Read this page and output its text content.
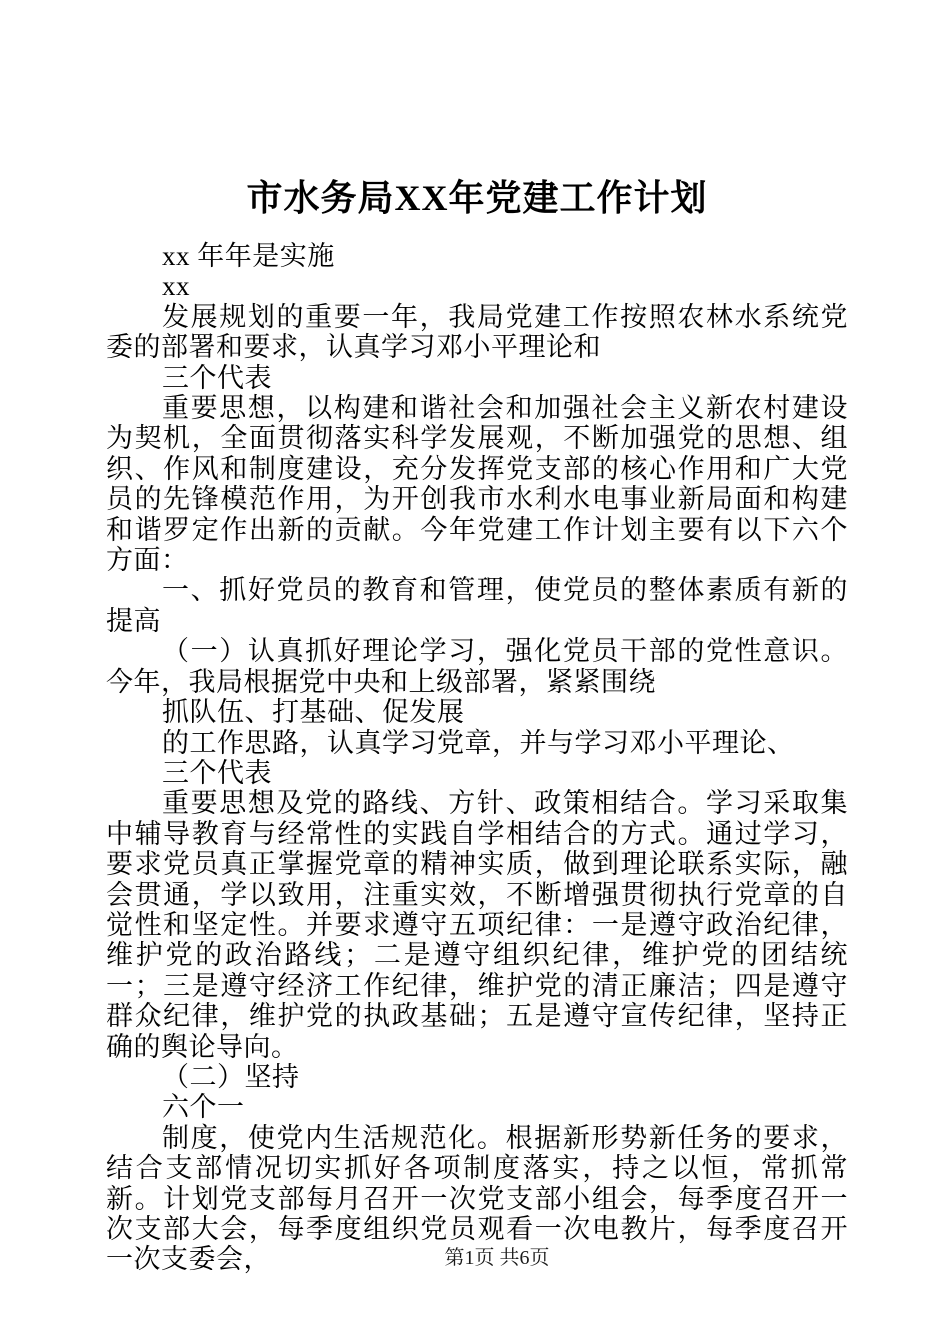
市水务局XX年党建工作计划

xx 年年是实施

xx

发展规划的重要一年，我局党建工作按照农林水系统党委的部署和要求，认真学习邓小平理论和

三个代表

重要思想，以构建和谐社会和加强社会主义新农村建设为契机，全面贯彻落实科学发展观，不断加强党的思想、组织、作风和制度建设，充分发挥党支部的核心作用和广大党员的先锋模范作用，为开创我市水利水电事业新局面和构建和谐罗定作出新的贡献。今年党建工作计划主要有以下六个方面：

一、抓好党员的教育和管理，使党员的整体素质有新的提高

（一）认真抓好理论学习，强化党员干部的党性意识。今年，我局根据党中央和上级部署，紧紧围绕

抓队伍、打基础、促发展

的工作思路，认真学习党章，并与学习邓小平理论、

三个代表

重要思想及党的路线、方针、政策相结合。学习采取集中辅导教育与经常性的实践自学相结合的方式。通过学习，要求党员真正掌握党章的精神实质，做到理论联系实际，融会贯通，学以致用，注重实效，不断增强贯彻执行党章的自觉性和坚定性。并要求遵守五项纪律：一是遵守政治纪律，维护党的政治路线；二是遵守组织纪律，维护党的团结统一；三是遵守经济工作纪律，维护党的清正廉洁；四是遵守群众纪律，维护党的执政基础；五是遵守宣传纪律，坚持正确的舆论导向。

（二）坚持

六个一

制度，使党内生活规范化。根据新形势新任务的要求，结合支部情况切实抓好各项制度落实，持之以恒，常抓常新。计划党支部每月召开一次党支部小组会，每季度召开一次支部大会，每季度组织党员观看一次电教片，每季度召开一次支委会，	第1页 共6页
